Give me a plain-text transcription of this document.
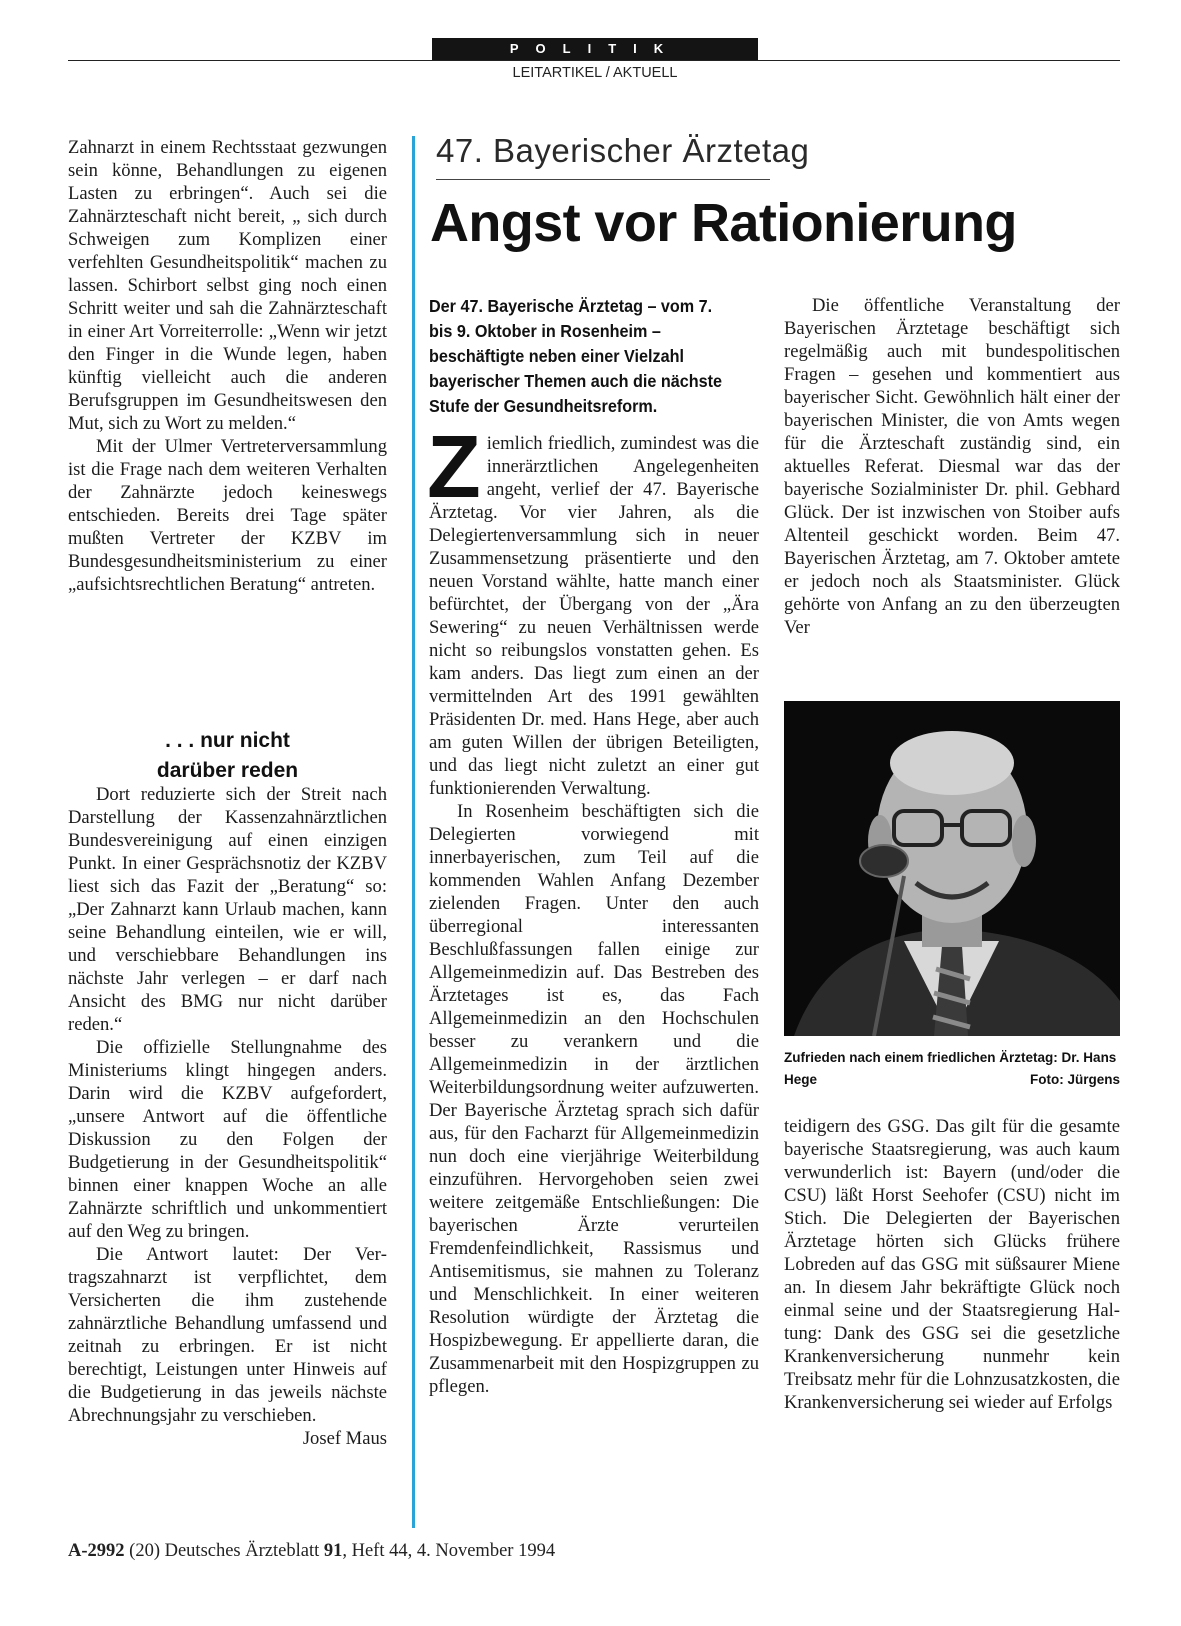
POLITIK
LEITARTIKEL / AKTUELL

Zahnarzt in einem Rechtsstaat gezwungen sein könne, Behandlungen zu eigenen Lasten zu erbringen“. Auch sei die Zahnärzteschaft nicht bereit, „ sich durch Schweigen zum Komplizen einer verfehlten Gesundheitspolitik“ machen zu lassen. Schirbort selbst ging noch einen Schritt weiter und sah die Zahnärzteschaft in einer Art Vorreiterrolle: „Wenn wir jetzt den Finger in die Wunde legen, haben künftig vielleicht auch die anderen Berufsgruppen im Gesundheitswesen den Mut, sich zu Wort zu melden.“

Mit der Ulmer Vertreterversammlung ist die Frage nach dem weiteren Verhalten der Zahnärzte jedoch keineswegs entschieden. Bereits drei Tage später mußten Vertreter der KZBV im Bundesgesundheitsministerium zu einer „aufsichtsrechtlichen Beratung“ antreten.

. . . nur nicht
darüber reden

Dort reduzierte sich der Streit nach Darstellung der Kassenzahnärztlichen Bundesvereinigung auf einen einzigen Punkt. In einer Gesprächsnotiz der KZBV liest sich das Fazit der „Beratung“ so: „Der Zahnarzt kann Urlaub machen, kann seine Behandlung einteilen, wie er will, und verschiebbare Behandlungen ins nächste Jahr verlegen – er darf nach Ansicht des BMG nur nicht darüber reden.“

Die offizielle Stellungnahme des Ministeriums klingt hingegen anders. Darin wird die KZBV aufgefordert, „unsere Antwort auf die öffentliche Diskussion zu den Folgen der Budgetierung in der Gesundheitspolitik“ binnen einer knappen Woche an alle Zahnärzte schriftlich und unkommentiert auf den Weg zu bringen.

Die Antwort lautet: Der Vertragszahnarzt ist verpflichtet, dem Versicherten die ihm zustehende zahnärztliche Behandlung umfassend und zeitnah zu erbringen. Er ist nicht berechtigt, Leistungen unter Hinweis auf die Budgetierung in das jeweils nächste Abrechnungsjahr zu verschieben.
Josef Maus

47. Bayerischer Ärztetag
Angst vor Rationierung
Der 47. Bayerische Ärztetag – vom 7. bis 9. Oktober in Rosenheim – beschäftigte neben einer Vielzahl bayerischer Themen auch die nächste Stufe der Gesundheitsreform.

Ziemlich friedlich, zumindest was die innerärztlichen Angelegenheiten angeht, verlief der 47. Bayerische Ärztetag. Vor vier Jahren, als die Delegiertenversammlung sich in neuer Zusammensetzung präsentierte und den neuen Vorstand wählte, hatte manch einer befürchtet, der Übergang von der „Ära Sewering“ zu neuen Verhältnissen werde nicht so reibungslos vonstatten gehen. Es kam anders. Das liegt zum einen an der vermittelnden Art des 1991 gewählten Präsidenten Dr. med. Hans Hege, aber auch am guten Willen der übrigen Beteiligten, und das liegt nicht zuletzt an einer gut funktionierenden Verwaltung.

In Rosenheim beschäftigten sich die Delegierten vorwiegend mit innerbayerischen, zum Teil auf die kommenden Wahlen Anfang Dezember zielenden Fragen. Unter den auch überregional interessanten Beschlußfassungen fallen einige zur Allgemeinmedizin auf. Das Bestreben des Ärztetages ist es, das Fach Allgemeinmedizin an den Hochschulen besser zu verankern und die Allgemeinmedizin in der ärztlichen Weiterbildungsordnung weiter aufzuwerten. Der Bayerische Ärztetag sprach sich dafür aus, für den Facharzt für Allgemeinmedizin nun doch eine vierjährige Weiterbildung einzuführen. Hervorgehoben seien zwei weitere zeitgemäße Entschließungen: Die bayerischen Ärzte verurteilen Fremdenfeindlichkeit, Rassismus und Antisemitismus, sie mahnen zu Toleranz und Menschlichkeit. In einer weiteren Resolution würdigte der Ärztetag die Hospizbewegung. Er appellierte daran, die Zusammenarbeit mit den Hospizgruppen zu pflegen.

Die öffentliche Veranstaltung der Bayerischen Ärztetage beschäftigt sich regelmäßig auch mit bundespolitischen Fragen – gesehen und kommentiert aus bayerischer Sicht. Gewöhnlich hält einer der bayerischen Minister, die von Amts wegen für die Ärzteschaft zuständig sind, ein aktuelles Referat. Diesmal war das der bayerische Sozialminister Dr. phil. Gebhard Glück. Der ist inzwischen von Stoiber aufs Altenteil geschickt worden. Beim 47. Bayerischen Ärztetag, am 7. Oktober amtete er jedoch noch als Staatsminister. Glück gehörte von Anfang an zu den überzeugten Ver

Zufrieden nach einem friedlichen Ärztetag: Dr. Hans Hege	Foto: Jürgens

teidigern des GSG. Das gilt für die gesamte bayerische Staatsregierung, was auch kaum verwunderlich ist: Bayern (und/oder die CSU) läßt Horst Seehofer (CSU) nicht im Stich. Die Delegierten der Bayerischen Ärztetage hörten sich Glücks frühere Lobreden auf das GSG mit süßsaurer Miene an. In diesem Jahr bekräftigte Glück noch einmal seine und der Staatsregierung Haltung: Dank des GSG sei die gesetzliche Krankenversicherung nunmehr kein Treibsatz mehr für die Lohnzusatzkosten, die Krankenversicherung sei wieder auf Erfolgs

A-2992 (20) Deutsches Ärzteblatt 91, Heft 44, 4. November 1994
